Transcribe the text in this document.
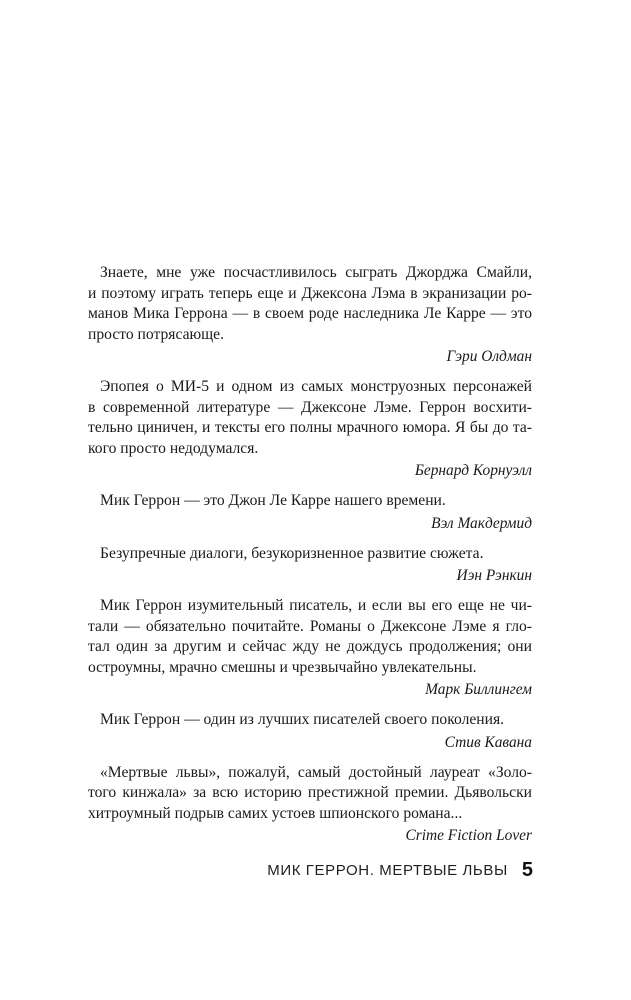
Знаете, мне уже посчастливилось сыграть Джорджа Смайли,
и поэтому играть теперь еще и Джексона Лэма в экранизации ро-
манов Мика Геррона — в своем роде наследника Ле Карре — это
просто потрясающе.

Гэри Олдман

Эпопея о МИ-5 и одном из самых монструозных персонажей
в современной литературе — Джексоне Лэме. Геррон восхити-
тельно циничен, и тексты его полны мрачного юмора. Я бы до та-
кого просто недодумался.

Бернард Корнуэлл

Мик Геррон — это Джон Ле Карре нашего времени.

Вэл Макдермид

Безупречные диалоги, безукоризненное развитие сюжета.

Иэн Рэнкин

Мик Геррон изумительный писатель, и если вы его еще не чи-
тали — обязательно почитайте. Романы о Джексоне Лэме я гло-
тал один за другим и сейчас жду не дождусь продолжения; они
остроумны, мрачно смешны и чрезвычайно увлекательны.

Марк Биллингем

Мик Геррон — один из лучших писателей своего поколения.

Стив Кавана

«Мертвые львы», пожалуй, самый достойный лауреат «Золо-
того кинжала» за всю историю престижной премии. Дьявольски
хитроумный подрыв самих устоев шпионского романа...

Crime Fiction Lover

МИК ГЕРРОН. МЕРТВЫЕ ЛЬВЫ 5
